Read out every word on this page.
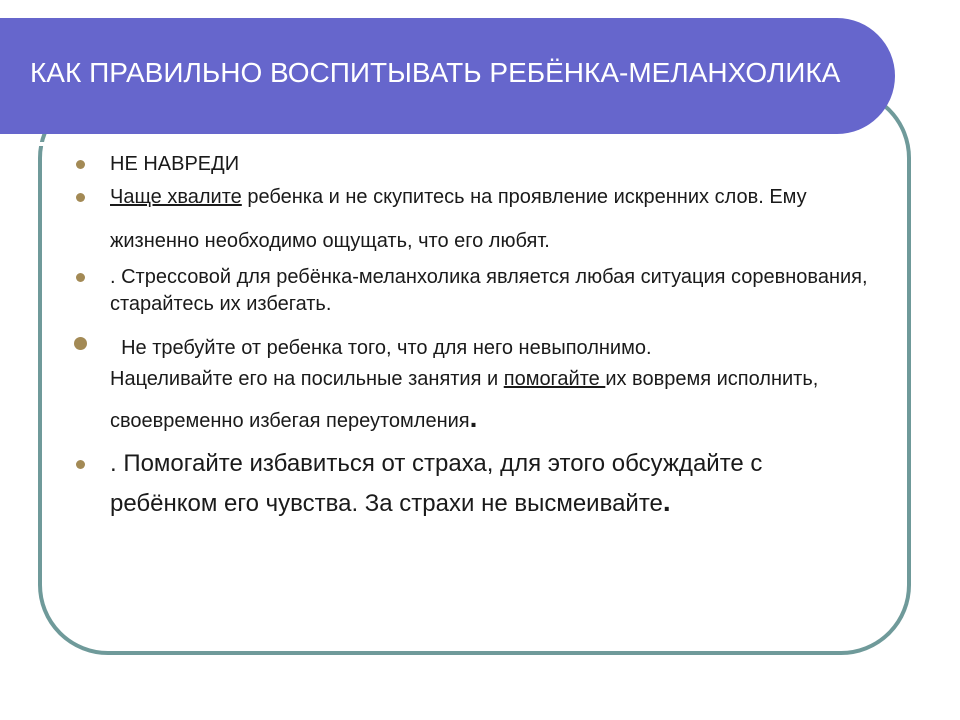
КАК ПРАВИЛЬНО ВОСПИТЫВАТЬ РЕБЁНКА-МЕЛАНХОЛИКА
НЕ НАВРЕДИ
Чаще хвалите ребенка и не скупитесь на проявление искренних слов. Ему жизненно необходимо ощущать, что его любят.
. Стрессовой для ребёнка-меланхолика является любая ситуация соревнования, старайтесь их избегать.
Не требуйте от ребенка того, что для него невыполнимо.
Нацеливайте его на посильные занятия и помогайте их вовремя исполнить, своевременно избегая переутомления.
. Помогайте избавиться от страха, для этого обсуждайте с ребёнком его чувства. За страхи не высмеивайте.
